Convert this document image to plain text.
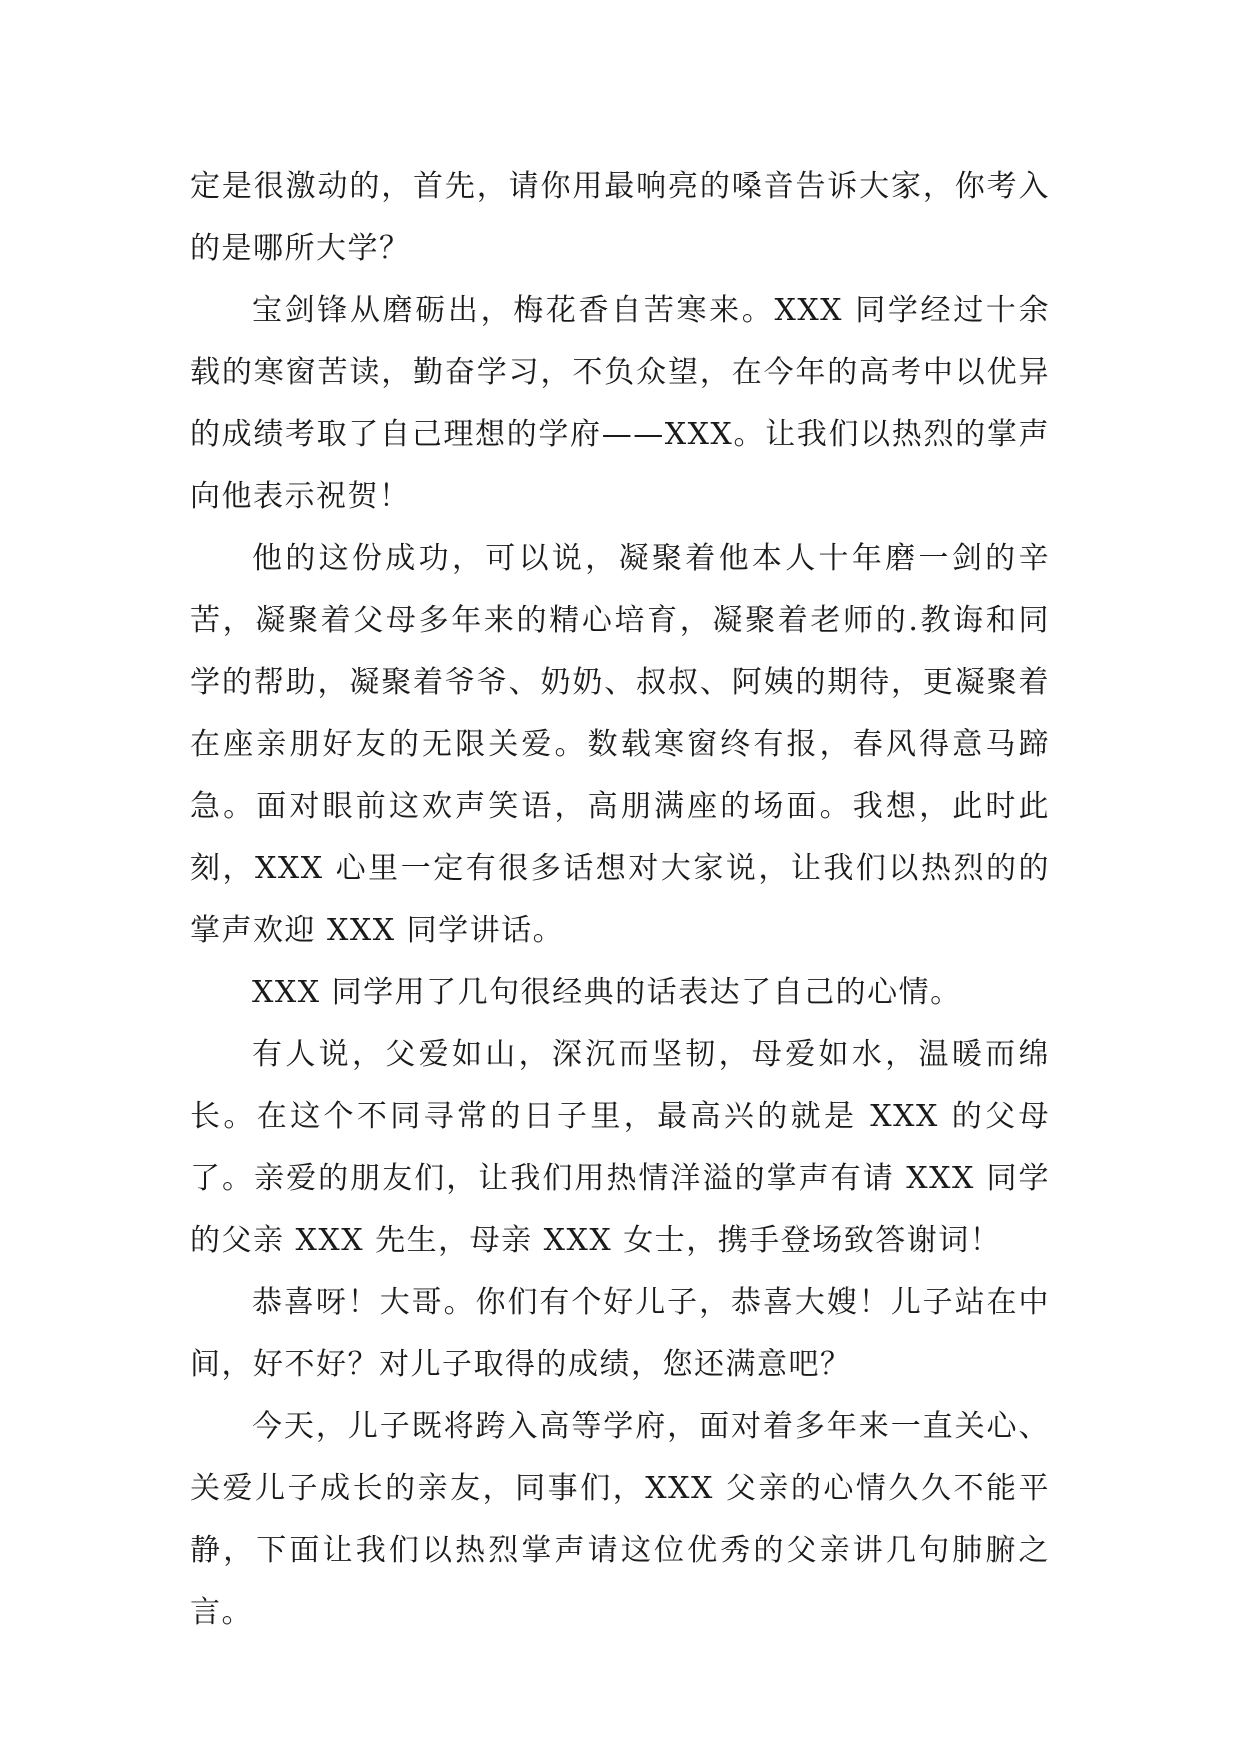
定是很激动的，首先，请你用最响亮的嗓音告诉大家，你考入的是哪所大学？

宝剑锋从磨砺出，梅花香自苦寒来。XXX 同学经过十余载的寒窗苦读，勤奋学习，不负众望，在今年的高考中以优异的成绩考取了自己理想的学府——XXX。让我们以热烈的掌声向他表示祝贺！

他的这份成功，可以说，凝聚着他本人十年磨一剑的辛苦，凝聚着父母多年来的精心培育，凝聚着老师的.教诲和同学的帮助，凝聚着爷爷、奶奶、叔叔、阿姨的期待，更凝聚着在座亲朋好友的无限关爱。数载寒窗终有报，春风得意马蹄急。面对眼前这欢声笑语，高朋满座的场面。我想，此时此刻，XXX 心里一定有很多话想对大家说，让我们以热烈的的掌声欢迎 XXX 同学讲话。

XXX 同学用了几句很经典的话表达了自己的心情。

有人说，父爱如山，深沉而坚韧，母爱如水，温暖而绵长。在这个不同寻常的日子里，最高兴的就是 XXX 的父母了。亲爱的朋友们，让我们用热情洋溢的掌声有请 XXX 同学的父亲 XXX 先生，母亲 XXX 女士，携手登场致答谢词！

恭喜呀！大哥。你们有个好儿子，恭喜大嫂！儿子站在中间，好不好？对儿子取得的成绩，您还满意吧？

今天，儿子既将跨入高等学府，面对着多年来一直关心、关爱儿子成长的亲友，同事们，XXX 父亲的心情久久不能平静，下面让我们以热烈掌声请这位优秀的父亲讲几句肺腑之言。
